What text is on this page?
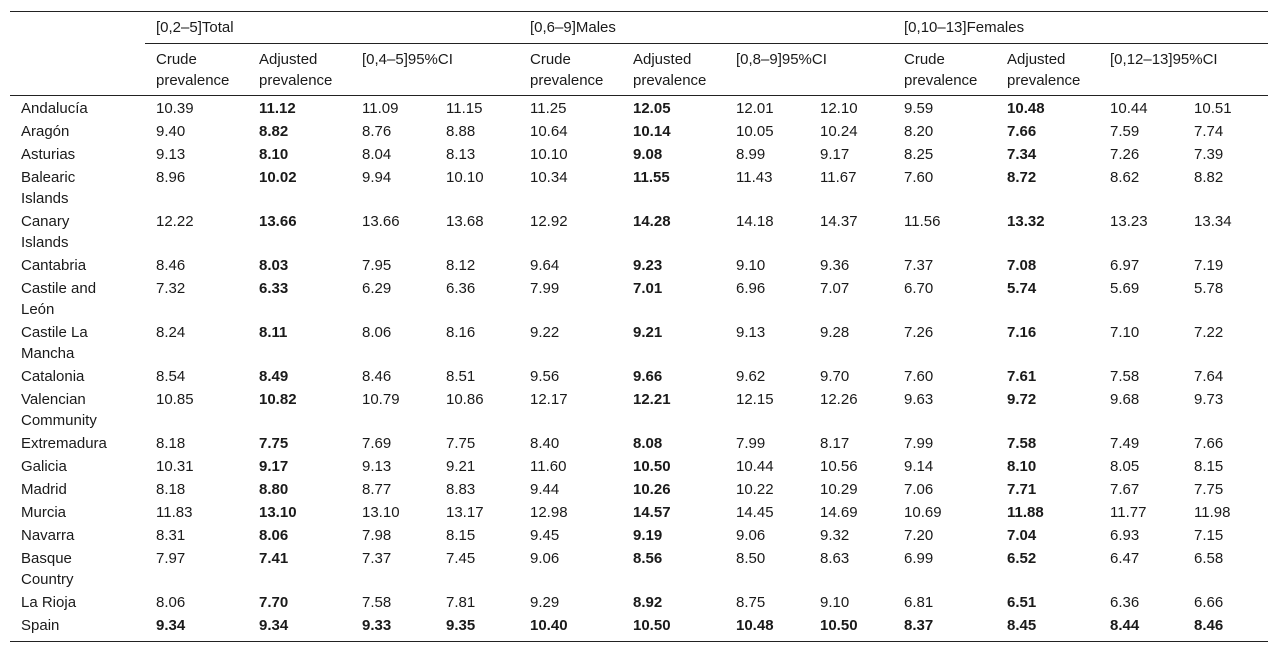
	[0,2–5]Total				[0,6–9]Males				[0,10–13]Females			
	Crude
prevalence	Adjusted
prevalence	[0,4–5]95%CI		Crude
prevalence	Adjusted
prevalence	[0,8–9]95%CI		Crude
prevalence	Adjusted
prevalence	[0,12–13]95%CI	
Andalucía	10.39	11.12	11.09	11.15	11.25	12.05	12.01	12.10	9.59	10.48	10.44	10.51
Aragón	9.40	8.82	8.76	8.88	10.64	10.14	10.05	10.24	8.20	7.66	7.59	7.74
Asturias	9.13	8.10	8.04	8.13	10.10	9.08	8.99	9.17	8.25	7.34	7.26	7.39
Balearic
Islands	8.96	10.02	9.94	10.10	10.34	11.55	11.43	11.67	7.60	8.72	8.62	8.82
Canary
Islands	12.22	13.66	13.66	13.68	12.92	14.28	14.18	14.37	11.56	13.32	13.23	13.34
Cantabria	8.46	8.03	7.95	8.12	9.64	9.23	9.10	9.36	7.37	7.08	6.97	7.19
Castile and
León	7.32	6.33	6.29	6.36	7.99	7.01	6.96	7.07	6.70	5.74	5.69	5.78
Castile La
Mancha	8.24	8.11	8.06	8.16	9.22	9.21	9.13	9.28	7.26	7.16	7.10	7.22
Catalonia	8.54	8.49	8.46	8.51	9.56	9.66	9.62	9.70	7.60	7.61	7.58	7.64
Valencian
Community	10.85	10.82	10.79	10.86	12.17	12.21	12.15	12.26	9.63	9.72	9.68	9.73
Extremadura	8.18	7.75	7.69	7.75	8.40	8.08	7.99	8.17	7.99	7.58	7.49	7.66
Galicia	10.31	9.17	9.13	9.21	11.60	10.50	10.44	10.56	9.14	8.10	8.05	8.15
Madrid	8.18	8.80	8.77	8.83	9.44	10.26	10.22	10.29	7.06	7.71	7.67	7.75
Murcia	11.83	13.10	13.10	13.17	12.98	14.57	14.45	14.69	10.69	11.88	11.77	11.98
Navarra	8.31	8.06	7.98	8.15	9.45	9.19	9.06	9.32	7.20	7.04	6.93	7.15
Basque
Country	7.97	7.41	7.37	7.45	9.06	8.56	8.50	8.63	6.99	6.52	6.47	6.58
La Rioja	8.06	7.70	7.58	7.81	9.29	8.92	8.75	9.10	6.81	6.51	6.36	6.66
Spain	9.34	9.34	9.33	9.35	10.40	10.50	10.48	10.50	8.37	8.45	8.44	8.46
